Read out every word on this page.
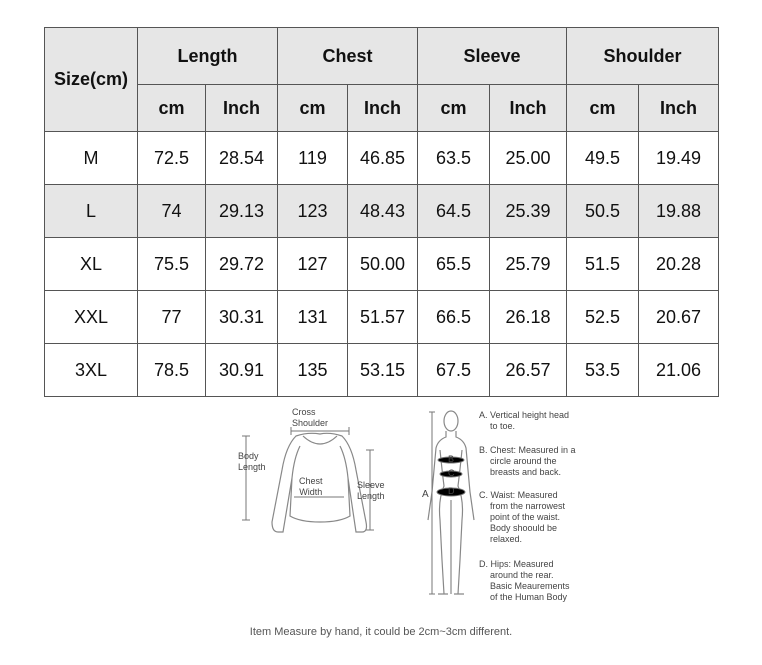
Size(cm)	Length		Chest		Sleeve		Shoulder	
	cm	Inch	cm	Inch	cm	Inch	cm	Inch
M	72.5	28.54	119	46.85	63.5	25.00	49.5	19.49
L	74	29.13	123	48.43	64.5	25.39	50.5	19.88
XL	75.5	29.72	127	50.00	65.5	25.79	51.5	20.28
XXL	77	30.31	131	51.57	66.5	26.18	52.5	20.67
3XL	78.5	30.91	135	53.15	67.5	26.57	53.5	21.06
Cross
Shoulder
Body
Length
Chest
Width
Sleeve
Length	A
B
C
D
A. Vertical height head
to toe.
B. Chest: Measured in a
circle around the
breasts and back.
C. Waist: Measured
from the narrowest
point of the waist.
Body shoould be
relaxed.
D. Hips: Measured
around the rear.
Basic Meaurements
of the Human Body
Item Measure by hand, it could be 2cm~3cm different.
